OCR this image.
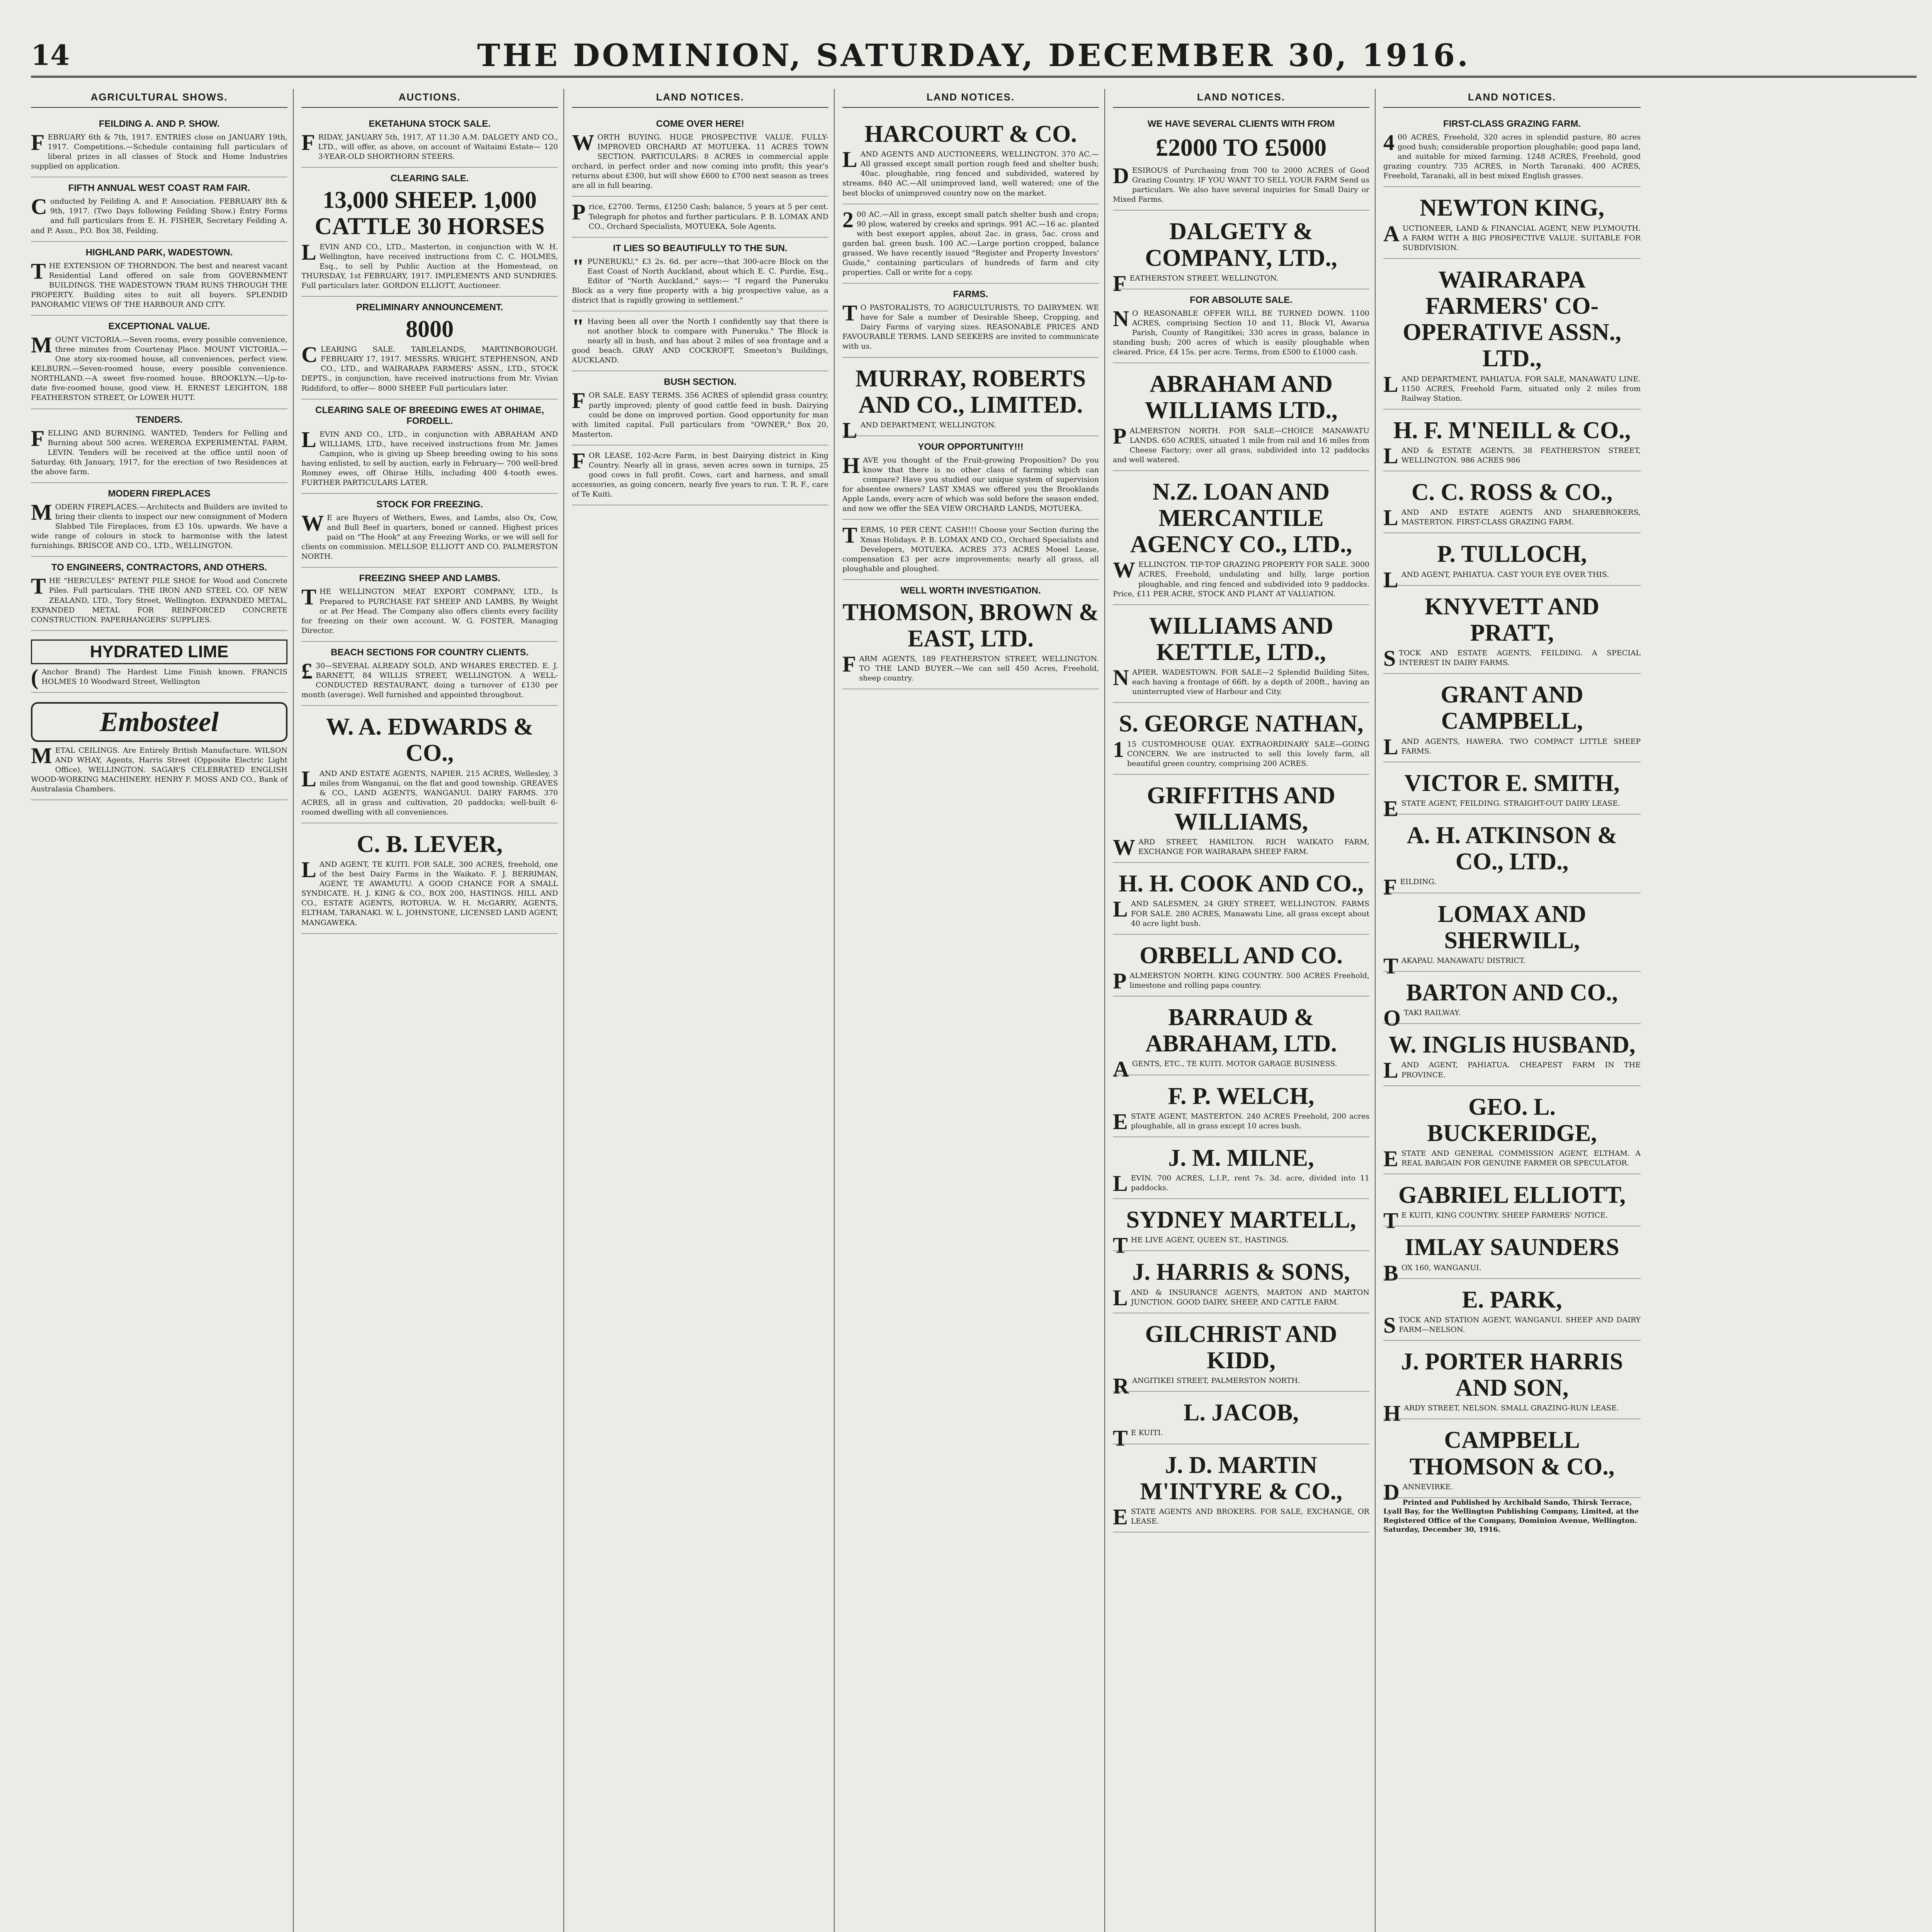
14	THE DOMINION, SATURDAY, DECEMBER 30, 1916.
AGRICULTURAL SHOWS.
FEILDING A. AND P. SHOW.
FEBRUARY 6th & 7th, 1917. ENTRIES close on JANUARY 19th, 1917. Competitions.—Schedule containing full particulars of liberal prizes in all classes of Stock and Home Industries supplied on application.
FIFTH ANNUAL WEST COAST RAM FAIR.
Conducted by Feilding A. and P. Association. FEBRUARY 8th & 9th, 1917. (Two Days following Feilding Show.) Entry Forms and full particulars from E. H. FISHER, Secretary Feilding A. and P. Assn., P.O. Box 38, Feilding.
HIGHLAND PARK, WADESTOWN.
THE EXTENSION OF THORNDON. The best and nearest vacant Residential Land offered on sale from GOVERNMENT BUILDINGS. THE WADESTOWN TRAM RUNS THROUGH THE PROPERTY. Building sites to suit all buyers. SPLENDID PANORAMIC VIEWS OF THE HARBOUR AND CITY.
EXCEPTIONAL VALUE.
MOUNT VICTORIA.—Seven rooms, every possible convenience, three minutes from Courtenay Place. MOUNT VICTORIA.—One story six-roomed house, all conveniences, perfect view. KELBURN.—Seven-roomed house, every possible convenience. NORTHLAND.—A sweet five-roomed house. BROOKLYN.—Up-to-date five-roomed house, good view. H. ERNEST LEIGHTON, 188 FEATHERSTON STREET, Or LOWER HUTT.
TENDERS.
FELLING AND BURNING. WANTED, Tenders for Felling and Burning about 500 acres. WEREROA EXPERIMENTAL FARM, LEVIN. Tenders will be received at the office until noon of Saturday, 6th January, 1917, for the erection of two Residences at the above farm.
MODERN FIREPLACES
MODERN FIREPLACES.—Architects and Builders are invited to bring their clients to inspect our new consignment of Modern Slabbed Tile Fireplaces, from £3 10s. upwards. We have a wide range of colours in stock to harmonise with the latest furnishings. BRISCOE AND CO., LTD., WELLINGTON.
TO ENGINEERS, CONTRACTORS, AND OTHERS.
THE "HERCULES" PATENT PILE SHOE for Wood and Concrete Piles. Full particulars. THE IRON AND STEEL CO. OF NEW ZEALAND, LTD., Tory Street, Wellington. EXPANDED METAL, EXPANDED METAL FOR REINFORCED CONCRETE CONSTRUCTION. PAPERHANGERS' SUPPLIES.
HYDRATED LIME
( Anchor Brand) The Hardest Lime Finish known. FRANCIS HOLMES 10 Woodward Street, Wellington
Embosteel
METAL CEILINGS. Are Entirely British Manufacture. WILSON AND WHAY, Agents, Harris Street (Opposite Electric Light Office), WELLINGTON. SAGAR'S CELEBRATED ENGLISH WOOD-WORKING MACHINERY. HENRY F. MOSS AND CO., Bank of Australasia Chambers.
AUCTIONS.
EKETAHUNA STOCK SALE.
FRIDAY, JANUARY 5th, 1917, AT 11.30 A.M. DALGETY AND CO., LTD., will offer, as above, on account of Waitaimi Estate— 120 3-YEAR-OLD SHORTHORN STEERS.
CLEARING SALE.
13,000 SHEEP. 1,000 CATTLE 30 HORSES
LEVIN AND CO., LTD., Masterton, in conjunction with W. H. Wellington, have received instructions from C. C. HOLMES, Esq., to sell by Public Auction at the Homestead, on THURSDAY, 1st FEBRUARY, 1917. IMPLEMENTS AND SUNDRIES. Full particulars later. GORDON ELLIOTT, Auctioneer.
PRELIMINARY ANNOUNCEMENT.
8000
CLEARING SALE. TABLELANDS, MARTINBOROUGH. FEBRUARY 17, 1917. MESSRS. WRIGHT, STEPHENSON, AND CO., LTD., and WAIRARAPA FARMERS' ASSN., LTD., STOCK DEPTS., in conjunction, have received instructions from Mr. Vivian Riddiford, to offer— 8000 SHEEP. Full particulars later.
CLEARING SALE OF BREEDING EWES AT OHIMAE, FORDELL.
LEVIN AND CO., LTD., in conjunction with ABRAHAM AND WILLIAMS, LTD., have received instructions from Mr. James Campion, who is giving up Sheep breeding owing to his sons having enlisted, to sell by auction, early in February— 700 well-bred Romney ewes, off Ohirae Hills, including 400 4-tooth ewes. FURTHER PARTICULARS LATER.
STOCK FOR FREEZING.
W E are Buyers of Wethers, Ewes, and Lambs, also Ox, Cow, and Bull Beef in quarters, boned or canned. Highest prices paid on "The Hook" at any Freezing Works, or we will sell for clients on commission. MELLSOP, ELLIOTT AND CO. PALMERSTON NORTH.
FREEZING SHEEP AND LAMBS.
THE WELLINGTON MEAT EXPORT COMPANY, LTD., Is Prepared to PURCHASE FAT SHEEP AND LAMBS, By Weight or at Per Head. The Company also offers clients every facility for freezing on their own account. W. G. FOSTER, Managing Director.
BEACH SECTIONS FOR COUNTRY CLIENTS.
£ 30—SEVERAL ALREADY SOLD, AND WHARES ERECTED. E. J. BARNETT, 84 WILLIS STREET, WELLINGTON. A WELL-CONDUCTED RESTAURANT, doing a turnover of £130 per month (average). Well furnished and appointed throughout.
W. A. EDWARDS & CO.,
LAND AND ESTATE AGENTS, NAPIER. 215 ACRES, Wellesley, 3 miles from Wanganui, on the flat and good township. GREAVES & CO., LAND AGENTS, WANGANUI. DAIRY FARMS. 370 ACRES, all in grass and cultivation, 20 paddocks; well-built 6-roomed dwelling with all conveniences.
C. B. LEVER,
LAND AGENT, TE KUITI. FOR SALE, 300 ACRES, freehold, one of the best Dairy Farms in the Waikato. F. J. BERRIMAN, AGENT, TE AWAMUTU. A GOOD CHANCE FOR A SMALL SYNDICATE. H. J. KING & CO., BOX 200, HASTINGS. HILL AND CO., ESTATE AGENTS, ROTORUA. W. H. McGARRY, AGENTS, ELTHAM, TARANAKI. W. L. JOHNSTONE, LICENSED LAND AGENT, MANGAWEKA.
LAND NOTICES.
COME OVER HERE!
WORTH BUYING. HUGE PROSPECTIVE VALUE. FULLY-IMPROVED ORCHARD AT MOTUEKA. 11 ACRES TOWN SECTION. PARTICULARS: 8 ACRES in commercial apple orchard, in perfect order and now coming into profit; this year's returns about £300, but will show £600 to £700 next season as trees are all in full bearing.
Price, £2700. Terms, £1250 Cash; balance, 5 years at 5 per cent. Telegraph for photos and further particulars. P. B. LOMAX AND CO., Orchard Specialists, MOTUEKA, Sole Agents.
IT LIES SO BEAUTIFULLY TO THE SUN.
" PUNERUKU," £3 2s. 6d. per acre—that 300-acre Block on the East Coast of North Auckland, about which E. C. Purdie, Esq., Editor of "North Auckland," says:— "I regard the Puneruku Block as a very fine property with a big prospective value, as a district that is rapidly growing in settlement."
" Having been all over the North I confidently say that there is not another block to compare with Puneruku." The Block is nearly all in bush, and has about 2 miles of sea frontage and a good beach. GRAY AND COCKROFT, Smeeton's Buildings, AUCKLAND.
BUSH SECTION.
FOR SALE. EASY TERMS. 356 ACRES of splendid grass country, partly improved; plenty of good cattle feed in bush. Dairying could be done on improved portion. Good opportunity for man with limited capital. Full particulars from "OWNER," Box 20, Masterton.
FOR LEASE, 102-Acre Farm, in best Dairying district in King Country. Nearly all in grass, seven acres sown in turnips, 25 good cows in full profit. Cows, cart and harness, and small accessories, as going concern, nearly five years to run. T. R. F., care of Te Kuiti.
LAND NOTICES.
HARCOURT & CO.
LAND AGENTS AND AUCTIONEERS, WELLINGTON. 370 AC.—All grassed except small portion rough feed and shelter bush; 40ac. ploughable, ring fenced and subdivided, watered by streams. 840 AC.—All unimproved land, well watered; one of the best blocks of unimproved country now on the market.
2 00 AC.—All in grass, except small patch shelter bush and crops; 90 plow, watered by creeks and springs. 991 AC.—16 ac. planted with best exeport apples, about 2ac. in grass, 5ac. cross and garden bal. green bush. 100 AC.—Large portion cropped, balance grassed. We have recently issued "Register and Property Investors' Guide," containing particulars of hundreds of farm and city properties. Call or write for a copy.
FARMS.
T O PASTORALISTS, TO AGRICULTURISTS, TO DAIRYMEN. WE have for Sale a number of Desirable Sheep, Cropping, and Dairy Farms of varying sizes. REASONABLE PRICES AND FAVOURABLE TERMS. LAND SEEKERS are invited to communicate with us.
MURRAY, ROBERTS AND CO., LIMITED.
LAND DEPARTMENT, WELLINGTON.
YOUR OPPORTUNITY!!!
HAVE you thought of the Fruit-growing Proposition? Do you know that there is no other class of farming which can compare? Have you studied our unique system of supervision for absentee owners? LAST XMAS we offered you the Brooklands Apple Lands, every acre of which was sold before the season ended, and now we offer the SEA VIEW ORCHARD LANDS, MOTUEKA.
TERMS, 10 PER CENT. CASH!!! Choose your Section during the Xmas Holidays. P. B. LOMAX AND CO., Orchard Specialists and Developers, MOTUEKA. ACRES 373 ACRES Moeel Lease, compensation £3 per acre improvements; nearly all grass, all ploughable and ploughed.
WELL WORTH INVESTIGATION.
THOMSON, BROWN & EAST, LTD.
FARM AGENTS, 189 FEATHERSTON STREET, WELLINGTON. TO THE LAND BUYER.—We can sell 450 Acres, Freehold, sheep country.
LAND NOTICES.
WE HAVE SEVERAL CLIENTS WITH FROM
£2000 TO £5000
DESIROUS of Purchasing from 700 to 2000 ACRES of Good Grazing Country. IF YOU WANT TO SELL YOUR FARM Send us particulars. We also have several inquiries for Small Dairy or Mixed Farms.
DALGETY & COMPANY, LTD.,
FEATHERSTON STREET. WELLINGTON.
FOR ABSOLUTE SALE.
N O REASONABLE OFFER WILL BE TURNED DOWN. 1100 ACRES, comprising Section 10 and 11, Block VI, Awarua Parish, County of Rangitikei; 330 acres in grass, balance in standing bush; 200 acres of which is easily ploughable when cleared. Price, £4 15s. per acre. Terms, from £500 to £1000 cash.
ABRAHAM AND WILLIAMS LTD.,
PALMERSTON NORTH. FOR SALE—CHOICE MANAWATU LANDS. 650 ACRES, situated 1 mile from rail and 16 miles from Cheese Factory; over all grass, subdivided into 12 paddocks and well watered.
N.Z. LOAN AND MERCANTILE AGENCY CO., LTD.,
WELLINGTON. TIP-TOP GRAZING PROPERTY FOR SALE. 3000 ACRES, Freehold, undulating and hilly, large portion ploughable, and ring fenced and subdivided into 9 paddocks. Price, £11 PER ACRE, STOCK AND PLANT AT VALUATION.
WILLIAMS AND KETTLE, LTD.,
NAPIER. WADESTOWN. FOR SALE—2 Splendid Building Sites, each having a frontage of 66ft. by a depth of 200ft., having an uninterrupted view of Harbour and City.
S. GEORGE NATHAN,
1 15 CUSTOMHOUSE QUAY. EXTRAORDINARY SALE—GOING CONCERN. We are instructed to sell this lovely farm, all beautiful green country, comprising 200 ACRES.
GRIFFITHS AND WILLIAMS,
WARD STREET, HAMILTON. RICH WAIKATO FARM, EXCHANGE FOR WAIRARAPA SHEEP FARM.
H. H. COOK AND CO.,
LAND SALESMEN, 24 GREY STREET, WELLINGTON. FARMS FOR SALE. 280 ACRES, Manawatu Line, all grass except about 40 acre light bush.
ORBELL AND CO.
PALMERSTON NORTH. KING COUNTRY. 500 ACRES Freehold, limestone and rolling papa country.
BARRAUD & ABRAHAM, LTD.
AGENTS, ETC., TE KUITI. MOTOR GARAGE BUSINESS.
F. P. WELCH,
ESTATE AGENT, MASTERTON. 240 ACRES Freehold, 200 acres ploughable, all in grass except 10 acres bush.
J. M. MILNE,
LEVIN. 700 ACRES, L.I.P., rent 7s. 3d. acre, divided into 11 paddocks.
SYDNEY MARTELL,
THE LIVE AGENT, QUEEN ST., HASTINGS.
J. HARRIS & SONS,
LAND & INSURANCE AGENTS, MARTON AND MARTON JUNCTION. GOOD DAIRY, SHEEP, AND CATTLE FARM.
GILCHRIST AND KIDD,
RANGITIKEI STREET, PALMERSTON NORTH.
L. JACOB,
T E KUITI.
J. D. MARTIN M'INTYRE & CO.,
ESTATE AGENTS AND BROKERS. FOR SALE, EXCHANGE, OR LEASE.
LAND NOTICES.
FIRST-CLASS GRAZING FARM.
4 00 ACRES, Freehold, 320 acres in splendid pasture, 80 acres good bush; considerable proportion ploughable; good papa land, and suitable for mixed farming. 1248 ACRES, Freehold, good grazing country. 735 ACRES, in North Taranaki. 400 ACRES, Freehold, Taranaki, all in best mixed English grasses.
NEWTON KING,
AUCTIONEER, LAND & FINANCIAL AGENT, NEW PLYMOUTH. A FARM WITH A BIG PROSPECTIVE VALUE. SUITABLE FOR SUBDIVISION.
WAIRARAPA FARMERS' CO-OPERATIVE ASSN., LTD.,
LAND DEPARTMENT, PAHIATUA. FOR SALE, MANAWATU LINE. 1150 ACRES, Freehold Farm, situated only 2 miles from Railway Station.
H. F. M'NEILL & CO.,
LAND & ESTATE AGENTS, 38 FEATHERSTON STREET, WELLINGTON. 986 ACRES 986
C. C. ROSS & CO.,
LAND AND ESTATE AGENTS AND SHAREBROKERS, MASTERTON. FIRST-CLASS GRAZING FARM.
P. TULLOCH,
LAND AGENT, PAHIATUA. CAST YOUR EYE OVER THIS.
KNYVETT AND PRATT,
STOCK AND ESTATE AGENTS, FEILDING. A SPECIAL INTEREST IN DAIRY FARMS.
GRANT AND CAMPBELL,
LAND AGENTS, HAWERA. TWO COMPACT LITTLE SHEEP FARMS.
VICTOR E. SMITH,
ESTATE AGENT, FEILDING. STRAIGHT-OUT DAIRY LEASE.
A. H. ATKINSON & CO., LTD.,
FEILDING.
LOMAX AND SHERWILL,
TAKAPAU. MANAWATU DISTRICT.
BARTON AND CO.,
OTAKI RAILWAY.
W. INGLIS HUSBAND,
LAND AGENT, PAHIATUA. CHEAPEST FARM IN THE PROVINCE.
GEO. L. BUCKERIDGE,
ESTATE AND GENERAL COMMISSION AGENT, ELTHAM. A REAL BARGAIN FOR GENUINE FARMER OR SPECULATOR.
GABRIEL ELLIOTT,
T E KUITI, KING COUNTRY. SHEEP FARMERS' NOTICE.
IMLAY SAUNDERS
BOX 160, WANGANUI.
E. PARK,
STOCK AND STATION AGENT, WANGANUI. SHEEP AND DAIRY FARM—NELSON.
J. PORTER HARRIS AND SON,
HARDY STREET, NELSON. SMALL GRAZING-RUN LEASE.
CAMPBELL THOMSON & CO.,
DANNEVIRKE.
Printed and Published by Archibald Sando, Thirsk Terrace, Lyall Bay, for the Wellington Publishing Company, Limited, at the Registered Office of the Company, Dominion Avenue, Wellington. Saturday, December 30, 1916.
